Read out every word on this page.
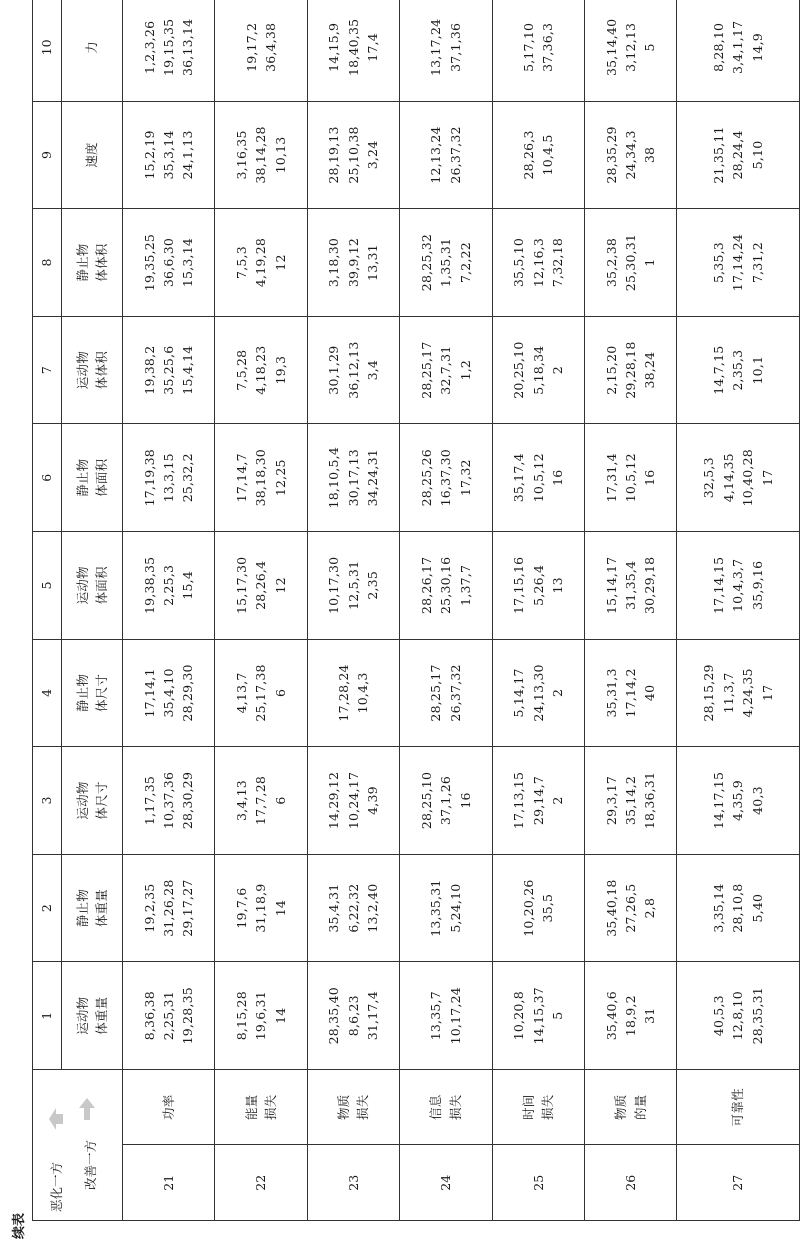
恶化一方 改善一方		1	2	3	4	5	6	7	8	9	10

		运动物 体重量	静止物 体重量	运动物 体尺寸	静止物 体尺寸	运动物 体面积	静止物 体面积	运动物 体体积	静止物 体体积	速度	力

21	功率	8,36,38 2,25,31 19,28,35	19,2,35 31,26,28 29,17,27	1,17,35 10,37,36 28,30,29	17,14,1 35,4,10 28,29,30	19,38,35 2,25,3 15,4	17,19,38 13,3,15 25,32,2	19,38,2 35,25,6 15,4,14	19,35,25 36,6,30 15,3,14	15,2,19 35,3,14 24,1,13	1,2,3,26 19,15,35 36,13,14

22	能量 损失	8,15,28 19,6,31 14	19,7,6 31,18,9 14	3,4,13 17,7,28 6	4,13,7 25,17,38 6	15,17,30 28,26,4 12	17,14,7 38,18,30 12,25	7,5,28 4,18,23 19,3	7,5,3 4,19,28 12	3,16,35 38,14,28 10,13	19,17,2 36,4,38

23	物质 损失	28,35,40 8,6,23 31,17,4	35,4,31 6,22,32 13,2,40	14,29,12 10,24,17 4,39	17,28,24 10,4,3	10,17,30 12,5,31 2,35	18,10,5,4 30,17,13 34,24,31	30,1,29 36,12,13 3,4	3,18,30 39,9,12 13,31	28,19,13 25,10,38 3,24	14,15,9 18,40,35 17,4

24	信息 损失	13,35,7 10,17,24	13,35,31 5,24,10	28,25,10 37,1,26 16	28,25,17 26,37,32	28,26,17 25,30,16 1,37,7	28,25,26 16,37,30 17,32	28,25,17 32,7,31 1,2	28,25,32 1,35,31 7,2,22	12,13,24 26,37,32	13,17,24 37,1,36

25	时间 损失	10,20,8 14,15,37 5	10,20,26 35,5	17,13,15 29,14,7 2	5,14,17 24,13,30 2	17,15,16 5,26,4 13	35,17,4 10,5,12 16	20,25,10 5,18,34 2	35,5,10 12,16,3 7,32,18	28,26,3 10,4,5	5,17,10 37,36,3

26	物质 的量	35,40,6 18,9,2 31	35,40,18 27,26,5 2,8	29,3,17 35,14,2 18,36,31	35,31,3 17,14,2 40	15,14,17 31,35,4 30,29,18	17,31,4 10,5,12 16	2,15,20 29,28,18 38,24	35,2,38 25,30,31 1	28,35,29 24,34,3 38	35,14,40 3,12,13 5

27	可靠性	40,5,3 12,8,10 28,35,31	3,35,14 28,10,8 5,40	14,17,15 4,35,9 40,3	28,15,29 11,3,7 4,24,35 17	17,14,15 10,4,3,7 35,9,16	32,5,3 4,14,35 10,40,28 17	14,7,15 2,35,3 10,1	5,35,3 17,14,24 7,31,2	21,35,11 28,24,4 5,10	8,28,10 3,4,1,17 14,9
续表
